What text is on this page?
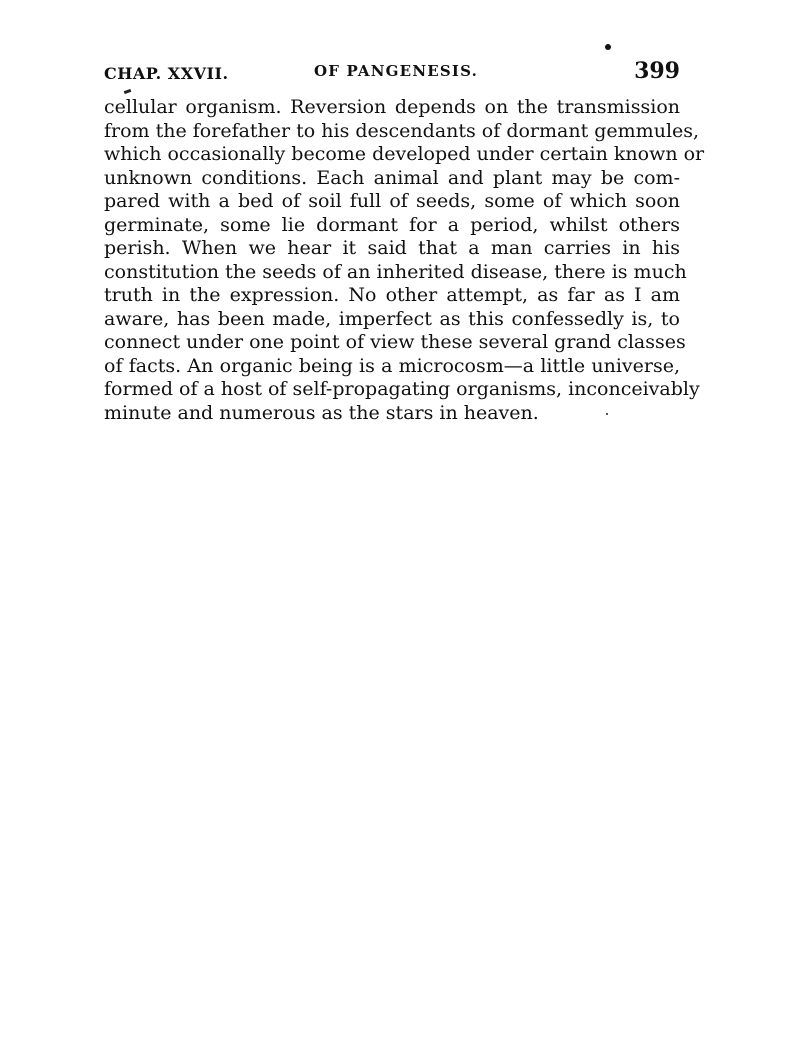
CHAP. XXVII.	OF PANGENESIS.	399
cellular organism. Reversion depends on the transmission
from the forefather to his descendants of dormant gemmules,
which occasionally become developed under certain known or
unknown conditions. Each animal and plant may be com-
pared with a bed of soil full of seeds, some of which soon
germinate, some lie dormant for a period, whilst others
perish. When we hear it said that a man carries in his
constitution the seeds of an inherited disease, there is much
truth in the expression. No other attempt, as far as I am
aware, has been made, imperfect as this confessedly is, to
connect under one point of view these several grand classes
of facts. An organic being is a microcosm—a little universe,
formed of a host of self-propagating organisms, inconceivably
minute and numerous as the stars in heaven.
